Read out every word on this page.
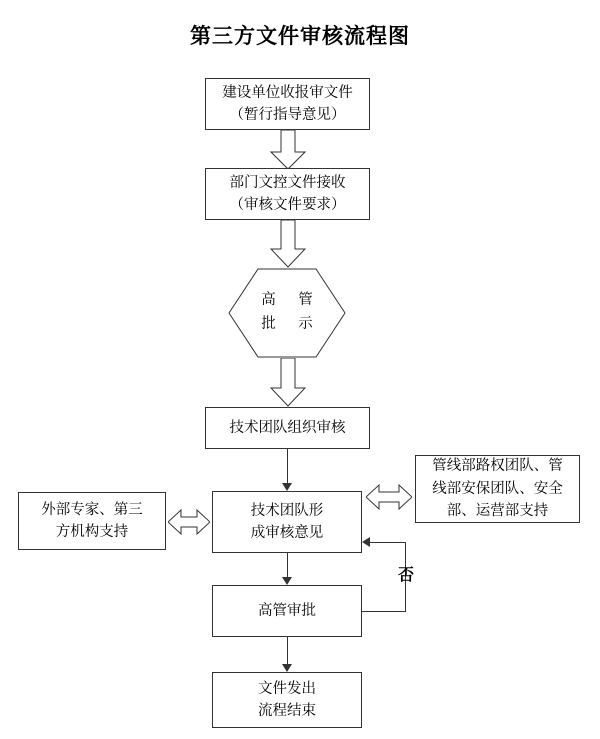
第三方文件审核流程图
建设单位收报审文件
（暂行指导意见）
部门文控文件接收
（审核文件要求）
高　管
批　示
技术团队组织审核
技术团队形
成审核意见
外部专家、第三
方机构支持
管线部路权团队、管
线部安保团队、安全
部、运营部支持
高管审批
否
文件发出
流程结束
